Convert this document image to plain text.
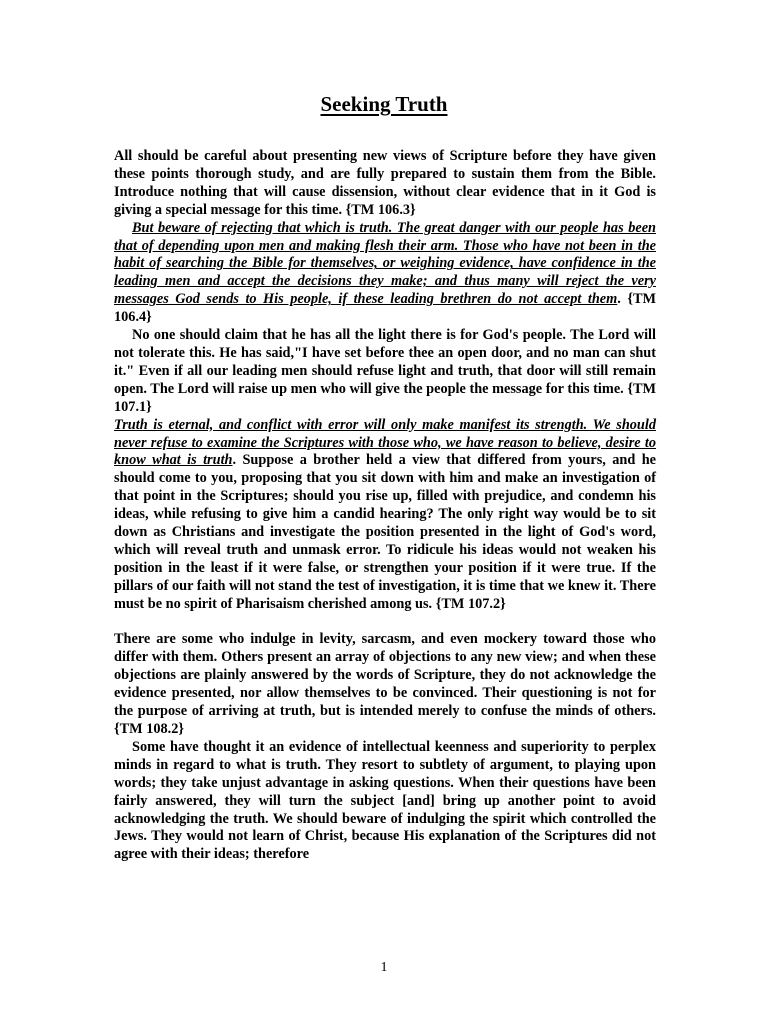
Seeking Truth

All should be careful about presenting new views of Scripture before they have given these points thorough study, and are fully prepared to sustain them from the Bible. Introduce nothing that will cause dissension, without clear evidence that in it God is giving a special message for this time. {TM 106.3}

But beware of rejecting that which is truth. The great danger with our people has been that of depending upon men and making flesh their arm. Those who have not been in the habit of searching the Bible for themselves, or weighing evidence, have confidence in the leading men and accept the decisions they make; and thus many will reject the very messages God sends to His people, if these leading brethren do not accept them. {TM 106.4}

No one should claim that he has all the light there is for God's people. The Lord will not tolerate this. He has said,"I have set before thee an open door, and no man can shut it." Even if all our leading men should refuse light and truth, that door will still remain open. The Lord will raise up men who will give the people the message for this time. {TM 107.1}

Truth is eternal, and conflict with error will only make manifest its strength. We should never refuse to examine the Scriptures with those who, we have reason to believe, desire to know what is truth. Suppose a brother held a view that differed from yours, and he should come to you, proposing that you sit down with him and make an investigation of that point in the Scriptures; should you rise up, filled with prejudice, and condemn his ideas, while refusing to give him a candid hearing? The only right way would be to sit down as Christians and investigate the position presented in the light of God's word, which will reveal truth and unmask error. To ridicule his ideas would not weaken his position in the least if it were false, or strengthen your position if it were true. If the pillars of our faith will not stand the test of investigation, it is time that we knew it. There must be no spirit of Pharisaism cherished among us. {TM 107.2}

There are some who indulge in levity, sarcasm, and even mockery toward those who differ with them. Others present an array of objections to any new view; and when these objections are plainly answered by the words of Scripture, they do not acknowledge the evidence presented, nor allow themselves to be convinced. Their questioning is not for the purpose of arriving at truth, but is intended merely to confuse the minds of others. {TM 108.2}

Some have thought it an evidence of intellectual keenness and superiority to perplex minds in regard to what is truth. They resort to subtlety of argument, to playing upon words; they take unjust advantage in asking questions. When their questions have been fairly answered, they will turn the subject [and] bring up another point to avoid acknowledging the truth. We should beware of indulging the spirit which controlled the Jews. They would not learn of Christ, because His explanation of the Scriptures did not agree with their ideas; therefore

1
